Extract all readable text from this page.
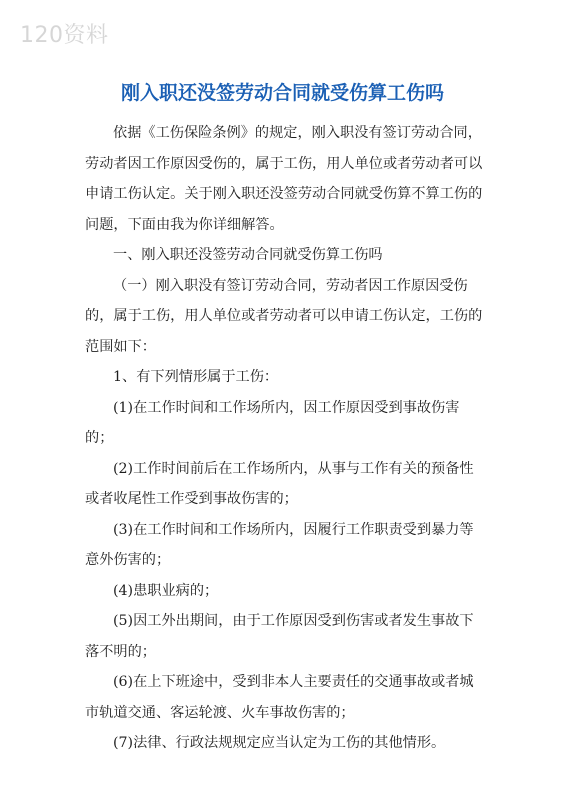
120资料
刚入职还没签劳动合同就受伤算工伤吗

依据《工伤保险条例》的规定，刚入职没有签订劳动合同，劳动者因工作原因受伤的，属于工伤，用人单位或者劳动者可以申请工伤认定。关于刚入职还没签劳动合同就受伤算不算工伤的问题，下面由我为你详细解答。

一、刚入职还没签劳动合同就受伤算工伤吗

（一）刚入职没有签订劳动合同，劳动者因工作原因受伤的，属于工伤，用人单位或者劳动者可以申请工伤认定，工伤的范围如下：

1、有下列情形属于工伤：

(1)在工作时间和工作场所内，因工作原因受到事故伤害的；

(2)工作时间前后在工作场所内，从事与工作有关的预备性或者收尾性工作受到事故伤害的；

(3)在工作时间和工作场所内，因履行工作职责受到暴力等意外伤害的；

(4)患职业病的；

(5)因工外出期间，由于工作原因受到伤害或者发生事故下落不明的；

(6)在上下班途中，受到非本人主要责任的交通事故或者城市轨道交通、客运轮渡、火车事故伤害的；

(7)法律、行政法规规定应当认定为工伤的其他情形。
